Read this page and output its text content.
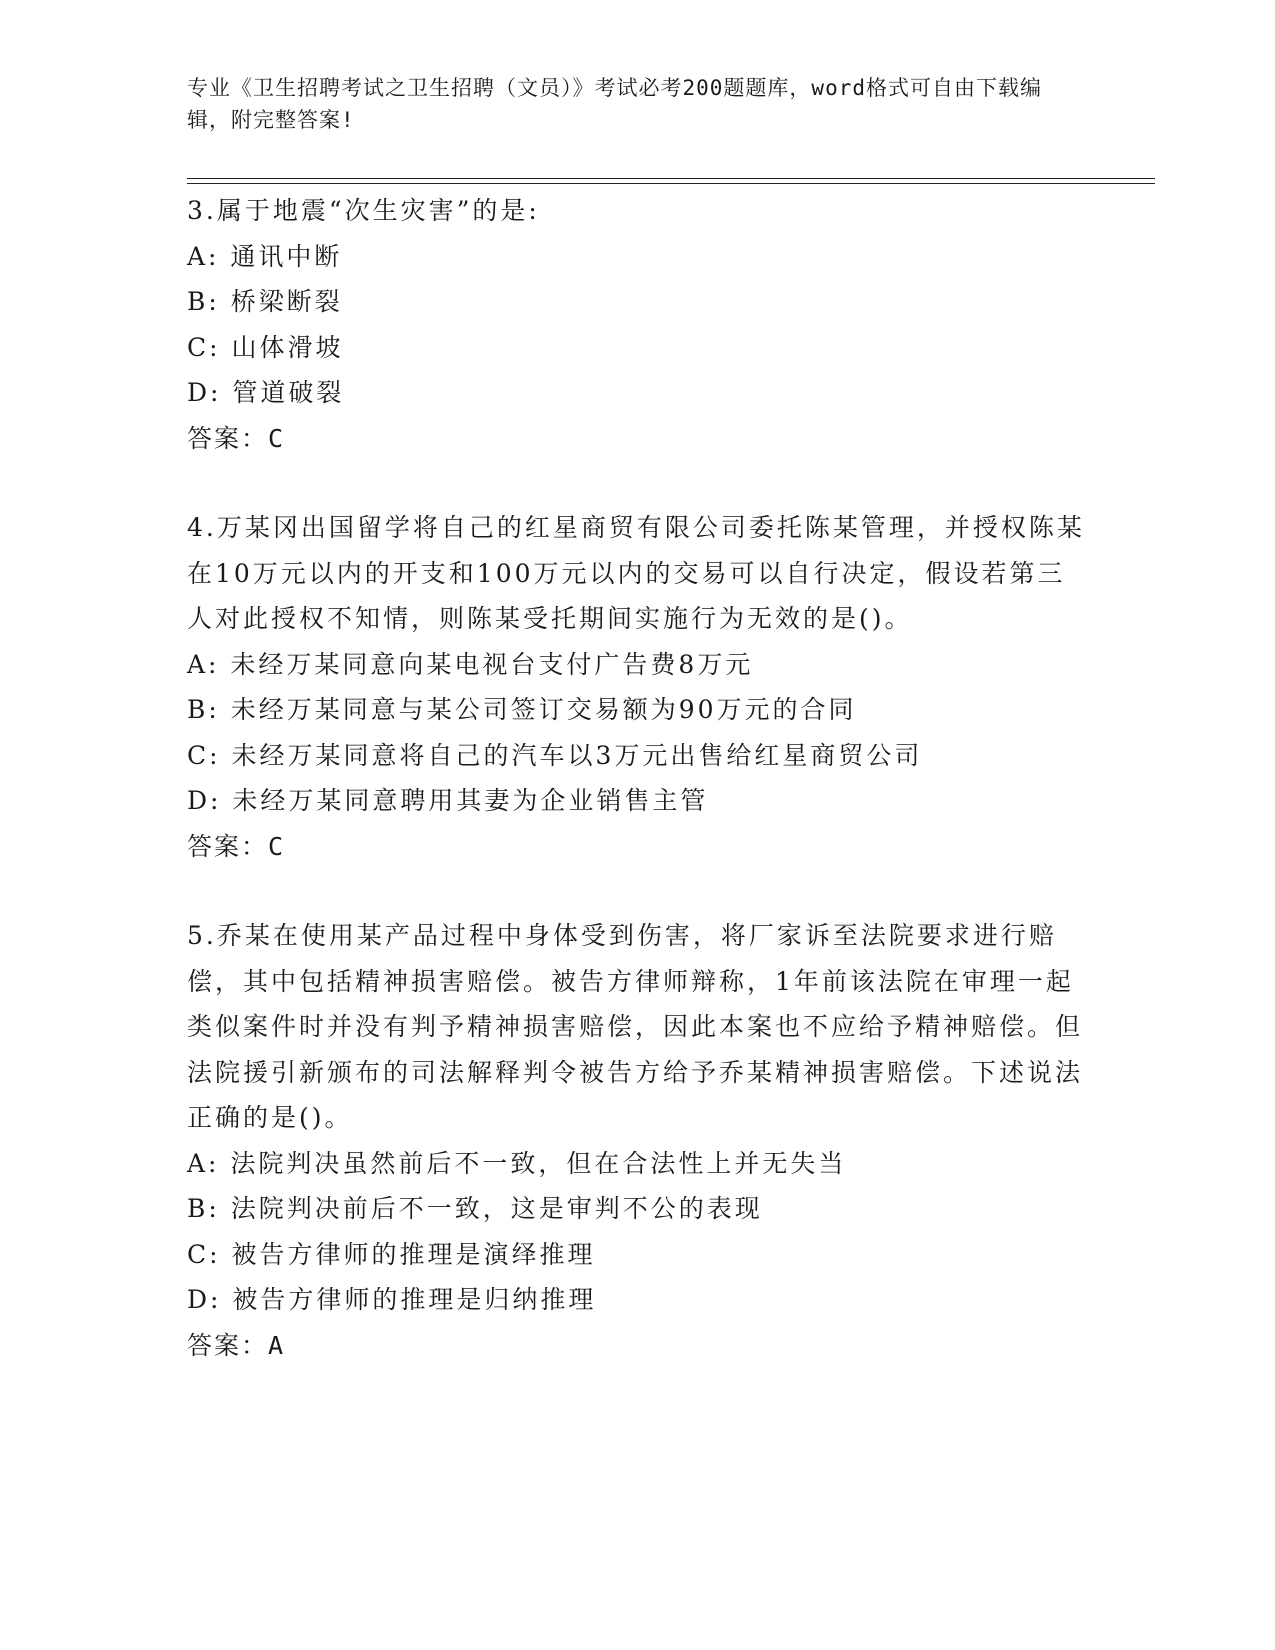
专业《卫生招聘考试之卫生招聘（文员）》考试必考200题题库，word格式可自由下载编辑，附完整答案!

3.属于地震“次生灾害”的是:

A: 通讯中断

B: 桥梁断裂

C: 山体滑坡

D: 管道破裂

答案：C

4.万某冈出国留学将自己的红星商贸有限公司委托陈某管理，并授权陈某在10万元以内的开支和100万元以内的交易可以自行决定，假设若第三人对此授权不知情，则陈某受托期间实施行为无效的是()。

A: 未经万某同意向某电视台支付广告费8万元

B: 未经万某同意与某公司签订交易额为90万元的合同

C: 未经万某同意将自己的汽车以3万元出售给红星商贸公司

D: 未经万某同意聘用其妻为企业销售主管

答案：C

5.乔某在使用某产品过程中身体受到伤害，将厂家诉至法院要求进行赔偿，其中包括精神损害赔偿。被告方律师辩称，1年前该法院在审理一起类似案件时并没有判予精神损害赔偿，因此本案也不应给予精神赔偿。但法院援引新颁布的司法解释判令被告方给予乔某精神损害赔偿。下述说法正确的是()。

A: 法院判决虽然前后不一致，但在合法性上并无失当

B: 法院判决前后不一致，这是审判不公的表现

C: 被告方律师的推理是演绎推理

D: 被告方律师的推理是归纳推理

答案：A
